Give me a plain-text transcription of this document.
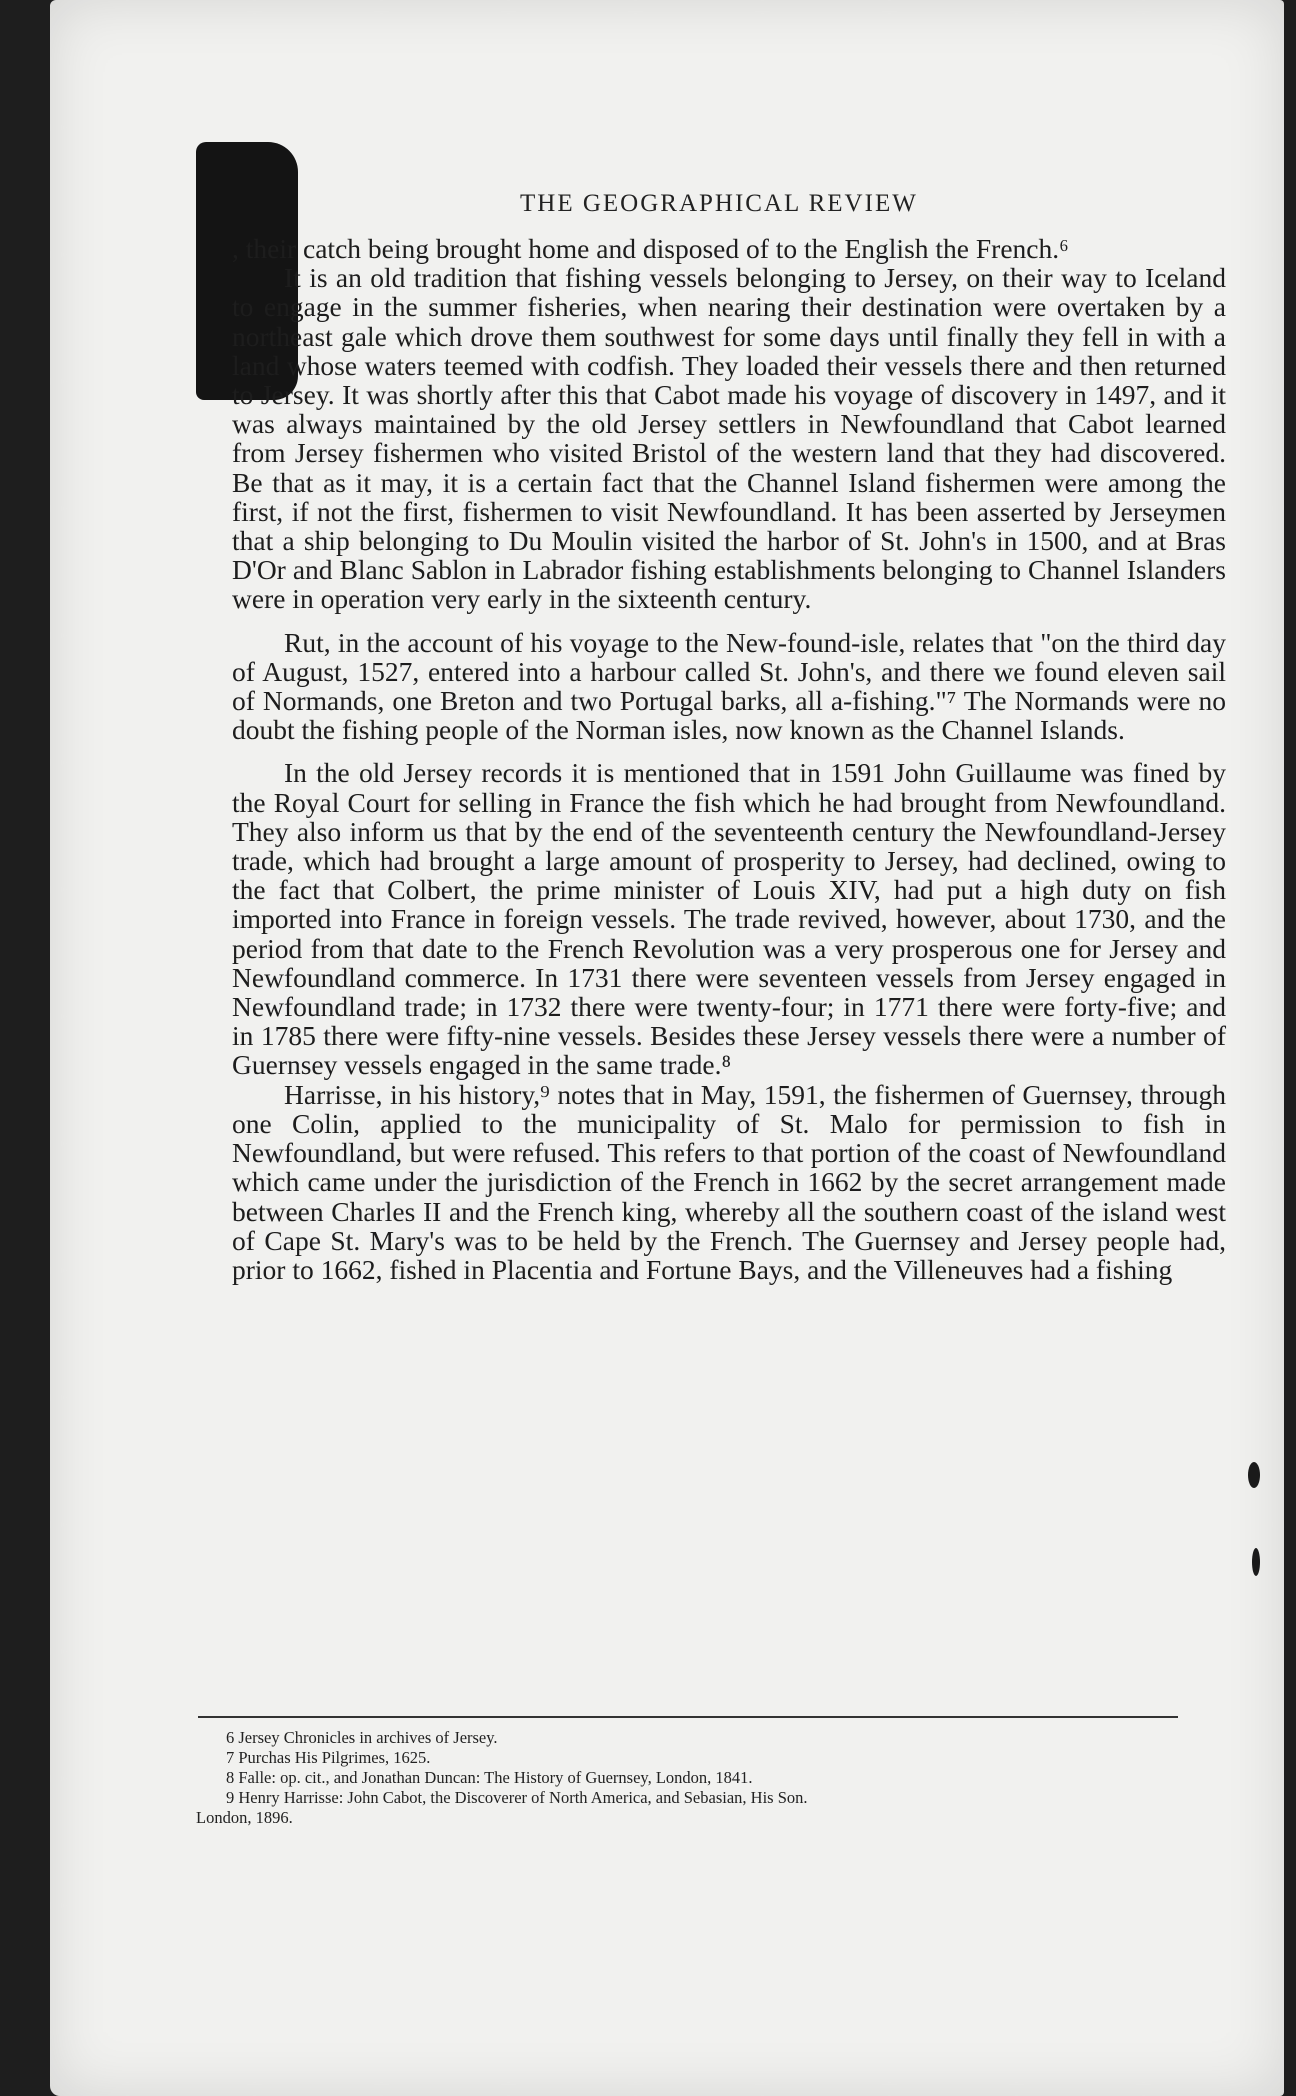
THE GEOGRAPHICAL REVIEW

, their catch being brought home and disposed of to the English the French.⁶

It is an old tradition that fishing vessels belonging to Jersey, on their way to Iceland to engage in the summer fisheries, when nearing their destination were overtaken by a northeast gale which drove them southwest for some days until finally they fell in with a land whose waters teemed with codfish. They loaded their vessels there and then returned to Jersey. It was shortly after this that Cabot made his voyage of discovery in 1497, and it was always maintained by the old Jersey settlers in Newfoundland that Cabot learned from Jersey fishermen who visited Bristol of the western land that they had discovered. Be that as it may, it is a certain fact that the Channel Island fishermen were among the first, if not the first, fishermen to visit Newfoundland. It has been asserted by Jerseymen that a ship belonging to Du Moulin visited the harbor of St. John's in 1500, and at Bras D'Or and Blanc Sablon in Labrador fishing establishments belonging to Channel Islanders were in operation very early in the sixteenth century.

Rut, in the account of his voyage to the New-found-isle, relates that "on the third day of August, 1527, entered into a harbour called St. John's, and there we found eleven sail of Normands, one Breton and two Portugal barks, all a-fishing."⁷ The Normands were no doubt the fishing people of the Norman isles, now known as the Channel Islands.

In the old Jersey records it is mentioned that in 1591 John Guillaume was fined by the Royal Court for selling in France the fish which he had brought from Newfoundland. They also inform us that by the end of the seventeenth century the Newfoundland-Jersey trade, which had brought a large amount of prosperity to Jersey, had declined, owing to the fact that Colbert, the prime minister of Louis XIV, had put a high duty on fish imported into France in foreign vessels. The trade revived, however, about 1730, and the period from that date to the French Revolution was a very prosperous one for Jersey and Newfoundland commerce. In 1731 there were seventeen vessels from Jersey engaged in Newfoundland trade; in 1732 there were twenty-four; in 1771 there were forty-five; and in 1785 there were fifty-nine vessels. Besides these Jersey vessels there were a number of Guernsey vessels engaged in the same trade.⁸

Harrisse, in his history,⁹ notes that in May, 1591, the fishermen of Guernsey, through one Colin, applied to the municipality of St. Malo for permission to fish in Newfoundland, but were refused. This refers to that portion of the coast of Newfoundland which came under the jurisdiction of the French in 1662 by the secret arrangement made between Charles II and the French king, whereby all the southern coast of the island west of Cape St. Mary's was to be held by the French. The Guernsey and Jersey people had, prior to 1662, fished in Placentia and Fortune Bays, and the Villeneuves had a fishing

6 Jersey Chronicles in archives of Jersey.
7 Purchas His Pilgrimes, 1625.
8 Falle: op. cit., and Jonathan Duncan: The History of Guernsey, London, 1841.
9 Henry Harrisse: John Cabot, the Discoverer of North America, and Sebasian, His Son.
London, 1896.
